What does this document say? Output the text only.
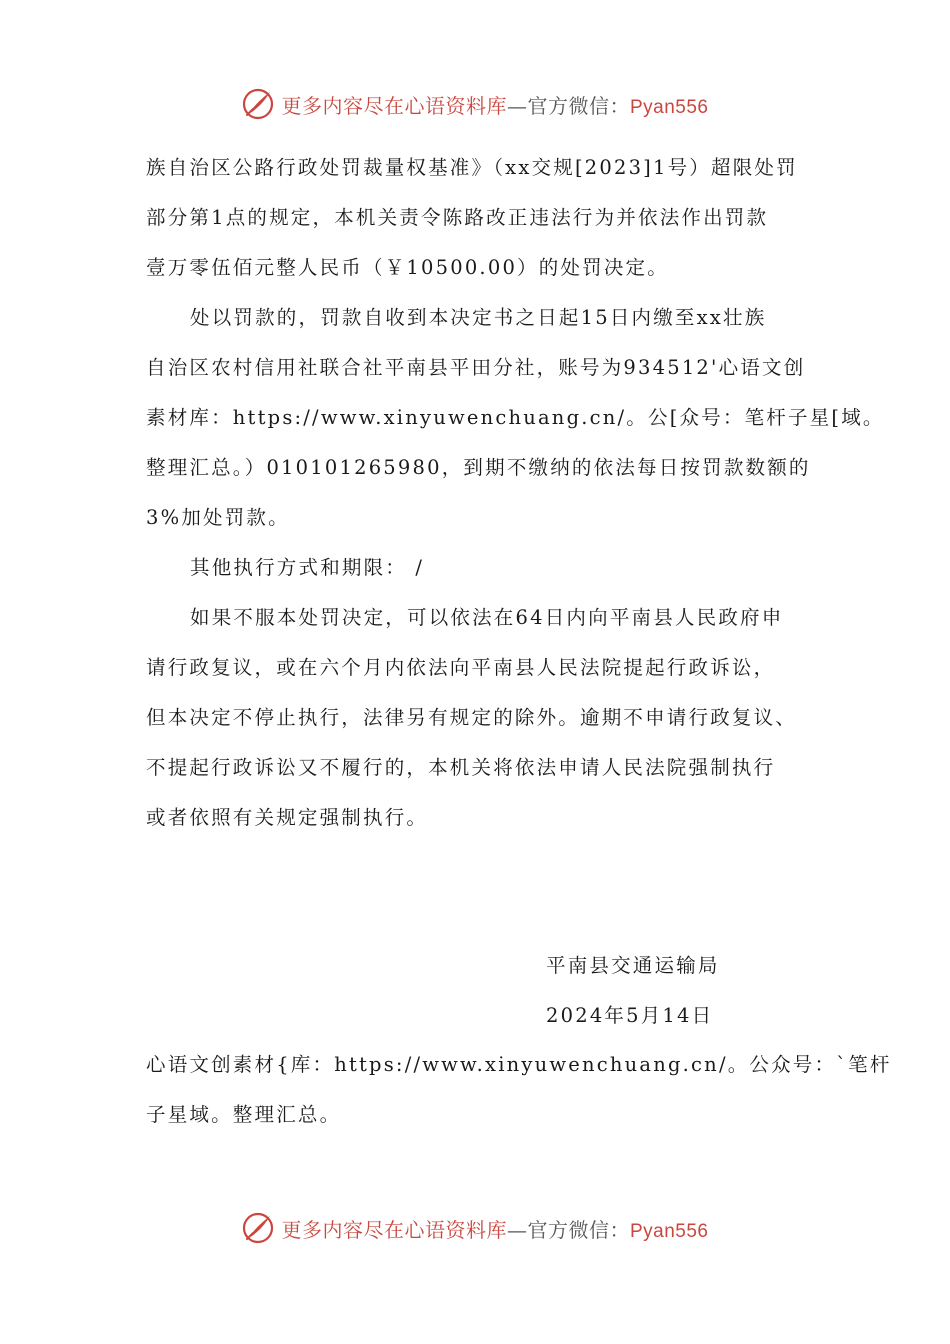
更多内容尽在心语资料库—官方微信：Pyan556
族自治区公路行政处罚裁量权基准》（xx交规[2023]1号）超限处罚
部分第1点的规定，本机关责令陈路改正违法行为并依法作出罚款
壹万零伍佰元整人民币（￥10500.00）的处罚决定。
处以罚款的，罚款自收到本决定书之日起15日内缴至xx壮族
自治区农村信用社联合社平南县平田分社，账号为934512'心语文创
素材库：https://www.xinyuwenchuang.cn/。公[众号：笔杆子星[域。
整理汇总。）010101265980，到期不缴纳的依法每日按罚款数额的
3%加处罚款。
其他执行方式和期限： /
如果不服本处罚决定，可以依法在64日内向平南县人民政府申
请行政复议，或在六个月内依法向平南县人民法院提起行政诉讼，
但本决定不停止执行，法律另有规定的除外。逾期不申请行政复议、
不提起行政诉讼又不履行的，本机关将依法申请人民法院强制执行
或者依照有关规定强制执行。
平南县交通运输局
2024年5月14日
心语文创素材{库：https://www.xinyuwenchuang.cn/。公众号：`笔杆
子星域。整理汇总。
更多内容尽在心语资料库—官方微信：Pyan556
